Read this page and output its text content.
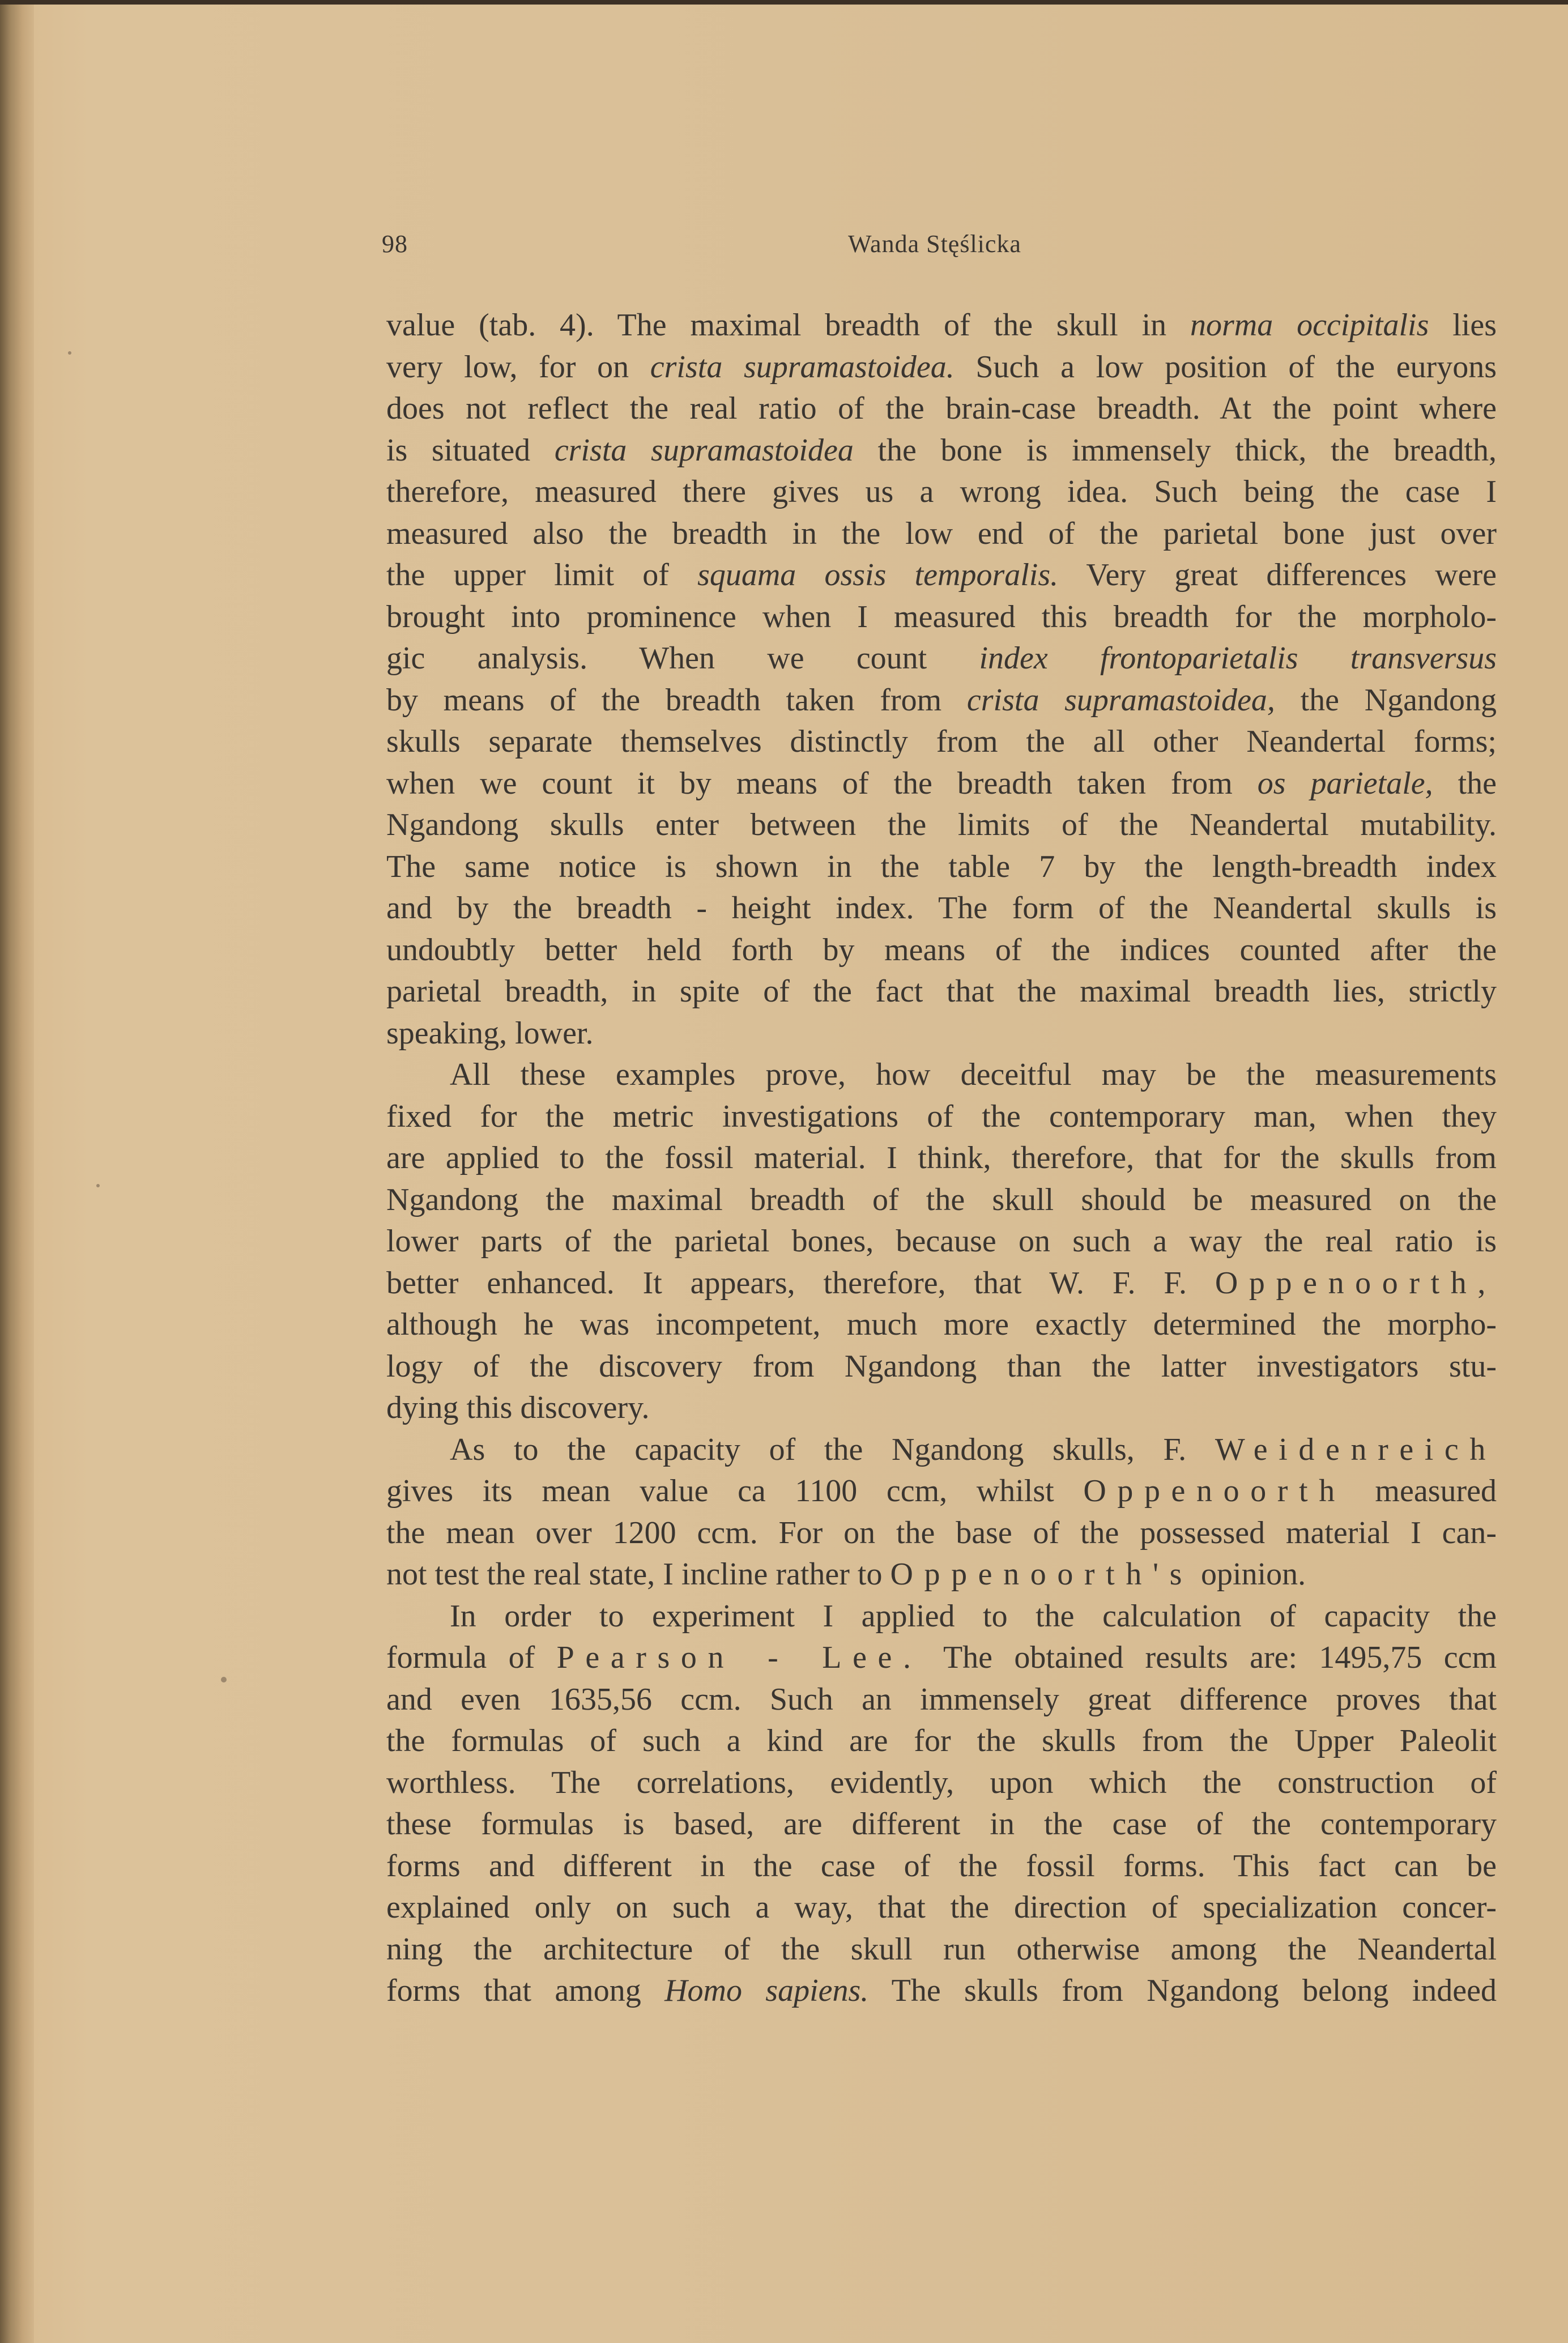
98	Wanda Stęślicka
value (tab. 4). The maximal breadth of the skull in norma occipitalis lies
very low, for on crista supramastoidea. Such a low position of the euryons
does not reflect the real ratio of the brain-case breadth. At the point where
is situated crista supramastoidea the bone is immensely thick, the breadth,
therefore, measured there gives us a wrong idea. Such being the case I
measured also the breadth in the low end of the parietal bone just over
the upper limit of squama ossis temporalis. Very great differences were
brought into prominence when I measured this breadth for the morpholo-
gic analysis. When we count index frontoparietalis transversus
by means of the breadth taken from crista supramastoidea, the Ngandong
skulls separate themselves distinctly from the all other Neandertal forms;
when we count it by means of the breadth taken from os parietale, the
Ngandong skulls enter between the limits of the Neandertal mutability.
The same notice is shown in the table 7 by the length-breadth index
and by the breadth - height index. The form of the Neandertal skulls is
undoubtly better held forth by means of the indices counted after the
parietal breadth, in spite of the fact that the maximal breadth lies, strictly
speaking, lower.
All these examples prove, how deceitful may be the measurements
fixed for the metric investigations of the contemporary man, when they
are applied to the fossil material. I think, therefore, that for the skulls from
Ngandong the maximal breadth of the skull should be measured on the
lower parts of the parietal bones, because on such a way the real ratio is
better enhanced. It appears, therefore, that W. F. F. Oppenoorth,
although he was incompetent, much more exactly determined the morpho-
logy of the discovery from Ngandong than the latter investigators stu-
dying this discovery.
As to the capacity of the Ngandong skulls, F. Weidenreich
gives its mean value ca 1100 ccm, whilst Oppenoorth measured
the mean over 1200 ccm. For on the base of the possessed material I can-
not test the real state, I incline rather to Oppenoorth's opinion.
In order to experiment I applied to the calculation of capacity the
formula of Pearson - Lee. The obtained results are: 1495,75 ccm
and even 1635,56 ccm. Such an immensely great difference proves that
the formulas of such a kind are for the skulls from the Upper Paleolit
worthless. The correlations, evidently, upon which the construction of
these formulas is based, are different in the case of the contemporary
forms and different in the case of the fossil forms. This fact can be
explained only on such a way, that the direction of specialization concer-
ning the architecture of the skull run otherwise among the Neandertal
forms that among Homo sapiens. The skulls from Ngandong belong indeed
